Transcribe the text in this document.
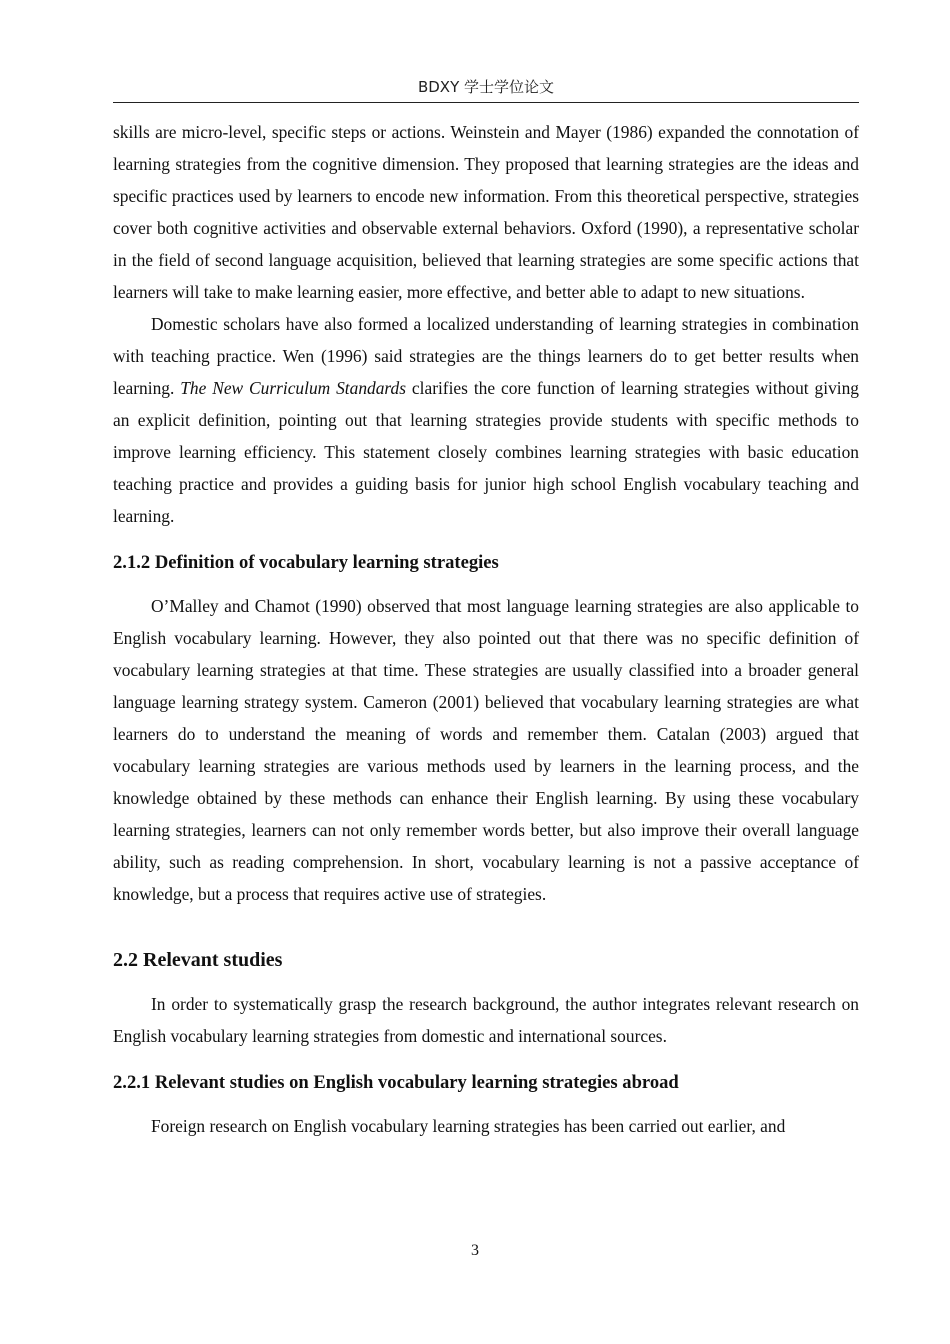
BDXY 学士学位论文

skills are micro-level, specific steps or actions. Weinstein and Mayer (1986) expanded the connotation of learning strategies from the cognitive dimension. They proposed that learning strategies are the ideas and specific practices used by learners to encode new information. From this theoretical perspective, strategies cover both cognitive activities and observable external behaviors. Oxford (1990), a representative scholar in the field of second language acquisition, believed that learning strategies are some specific actions that learners will take to make learning easier, more effective, and better able to adapt to new situations.

Domestic scholars have also formed a localized understanding of learning strategies in combination with teaching practice. Wen (1996) said strategies are the things learners do to get better results when learning. The New Curriculum Standards clarifies the core function of learning strategies without giving an explicit definition, pointing out that learning strategies provide students with specific methods to improve learning efficiency. This statement closely combines learning strategies with basic education teaching practice and provides a guiding basis for junior high school English vocabulary teaching and learning.

2.1.2 Definition of vocabulary learning strategies

O’Malley and Chamot (1990) observed that most language learning strategies are also applicable to English vocabulary learning. However, they also pointed out that there was no specific definition of vocabulary learning strategies at that time. These strategies are usually classified into a broader general language learning strategy system. Cameron (2001) believed that vocabulary learning strategies are what learners do to understand the meaning of words and remember them. Catalan (2003) argued that vocabulary learning strategies are various methods used by learners in the learning process, and the knowledge obtained by these methods can enhance their English learning. By using these vocabulary learning strategies, learners can not only remember words better, but also improve their overall language ability, such as reading comprehension. In short, vocabulary learning is not a passive acceptance of knowledge, but a process that requires active use of strategies.

2.2 Relevant studies

In order to systematically grasp the research background, the author integrates relevant research on English vocabulary learning strategies from domestic and international sources.

2.2.1 Relevant studies on English vocabulary learning strategies abroad

Foreign research on English vocabulary learning strategies has been carried out earlier, and

3
